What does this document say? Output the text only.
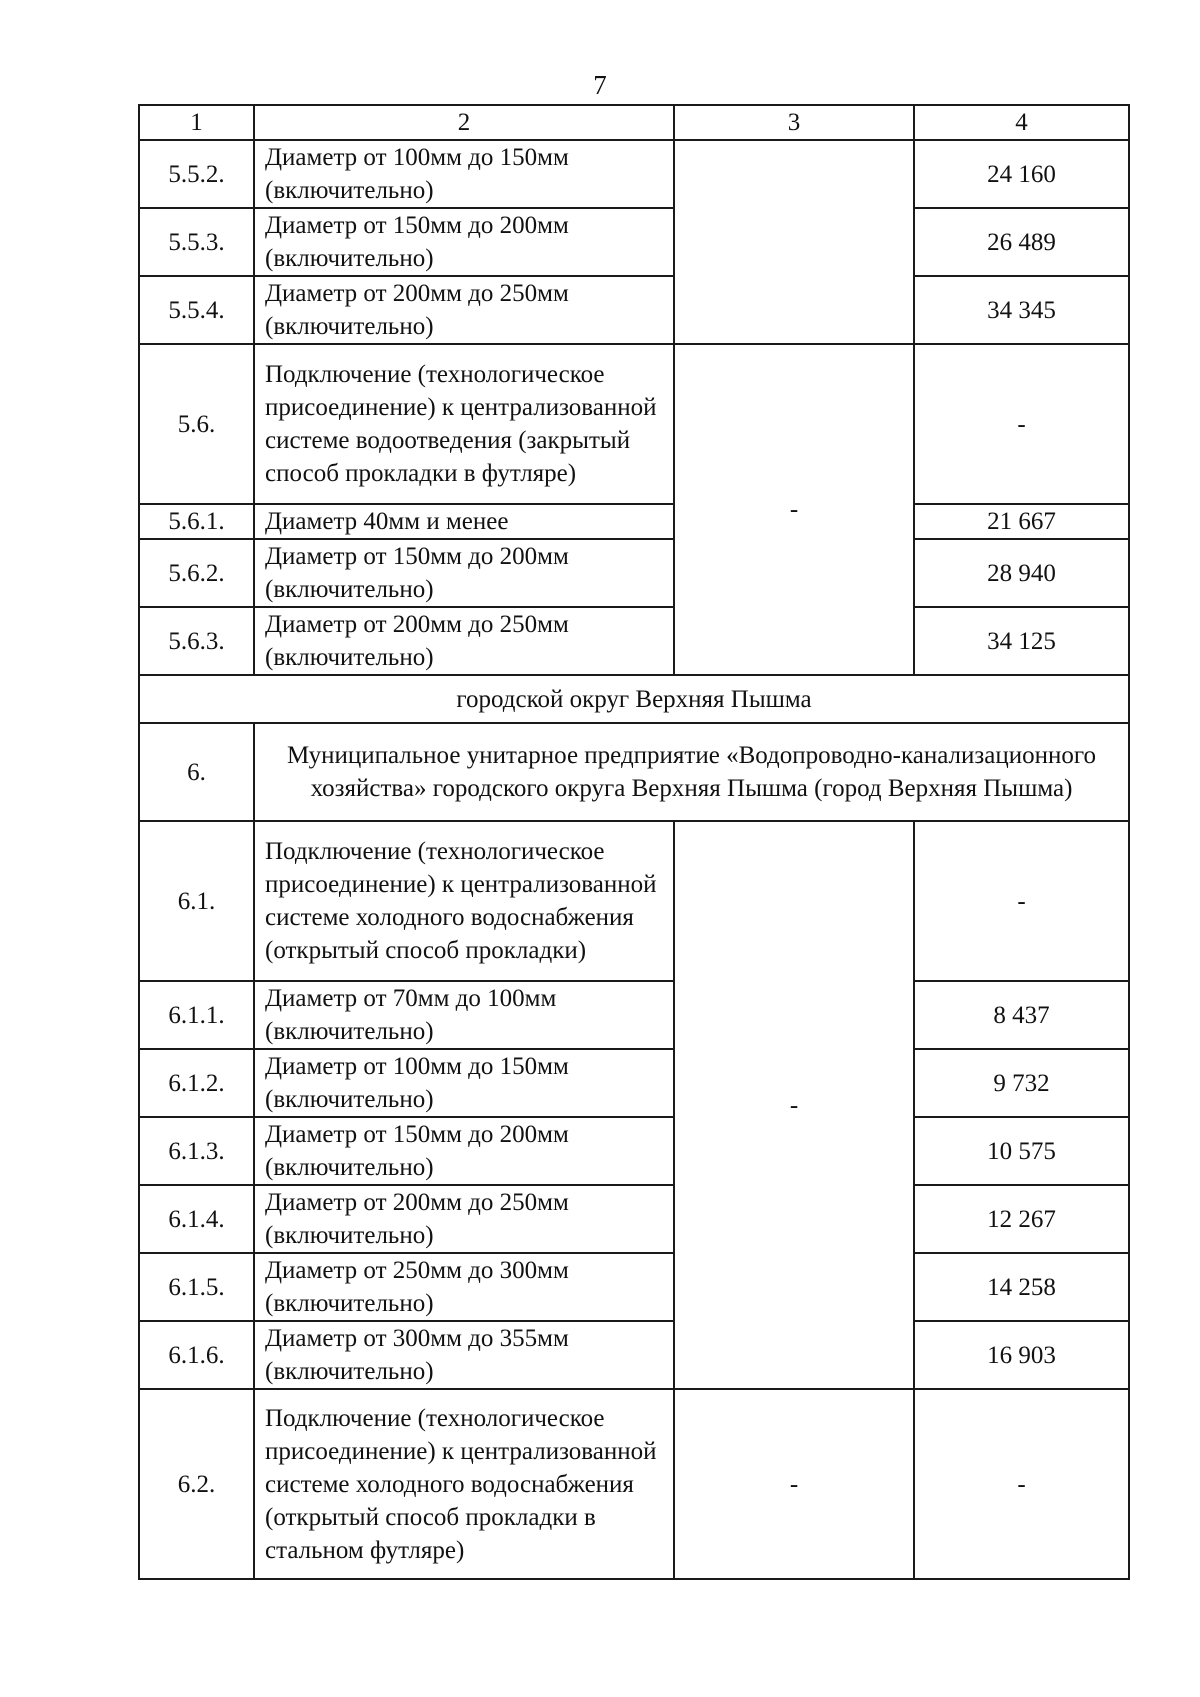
7
1	2	3	4
5.5.2.	Диаметр от 100мм до 150мм (включительно)		24 160
5.5.3.	Диаметр от 150мм до 200мм (включительно)		26 489
5.5.4.	Диаметр от 200мм до 250мм (включительно)		34 345
5.6.	Подключение (технологическое присоединение) к централизованной системе водоотведения (закрытый способ прокладки в футляре)	-	-
5.6.1.	Диаметр 40мм и менее		21 667
5.6.2.	Диаметр от 150мм до 200мм (включительно)		28 940
5.6.3.	Диаметр от 200мм до 250мм (включительно)		34 125
городской округ Верхняя Пышма			
6.	Муниципальное унитарное предприятие «Водопроводно-канализационного хозяйства» городского округа Верхняя Пышма (город Верхняя Пышма)		
6.1.	Подключение (технологическое присоединение) к централизованной системе холодного водоснабжения (открытый способ прокладки)	-	-
6.1.1.	Диаметр от 70мм до 100мм (включительно)		8 437
6.1.2.	Диаметр от 100мм до 150мм (включительно)		9 732
6.1.3.	Диаметр от 150мм до 200мм (включительно)		10 575
6.1.4.	Диаметр от 200мм до 250мм (включительно)		12 267
6.1.5.	Диаметр от 250мм до 300мм (включительно)		14 258
6.1.6.	Диаметр от 300мм до 355мм (включительно)		16 903
6.2.	Подключение (технологическое присоединение) к централизованной системе холодного водоснабжения (открытый способ прокладки в стальном футляре)	-	-
